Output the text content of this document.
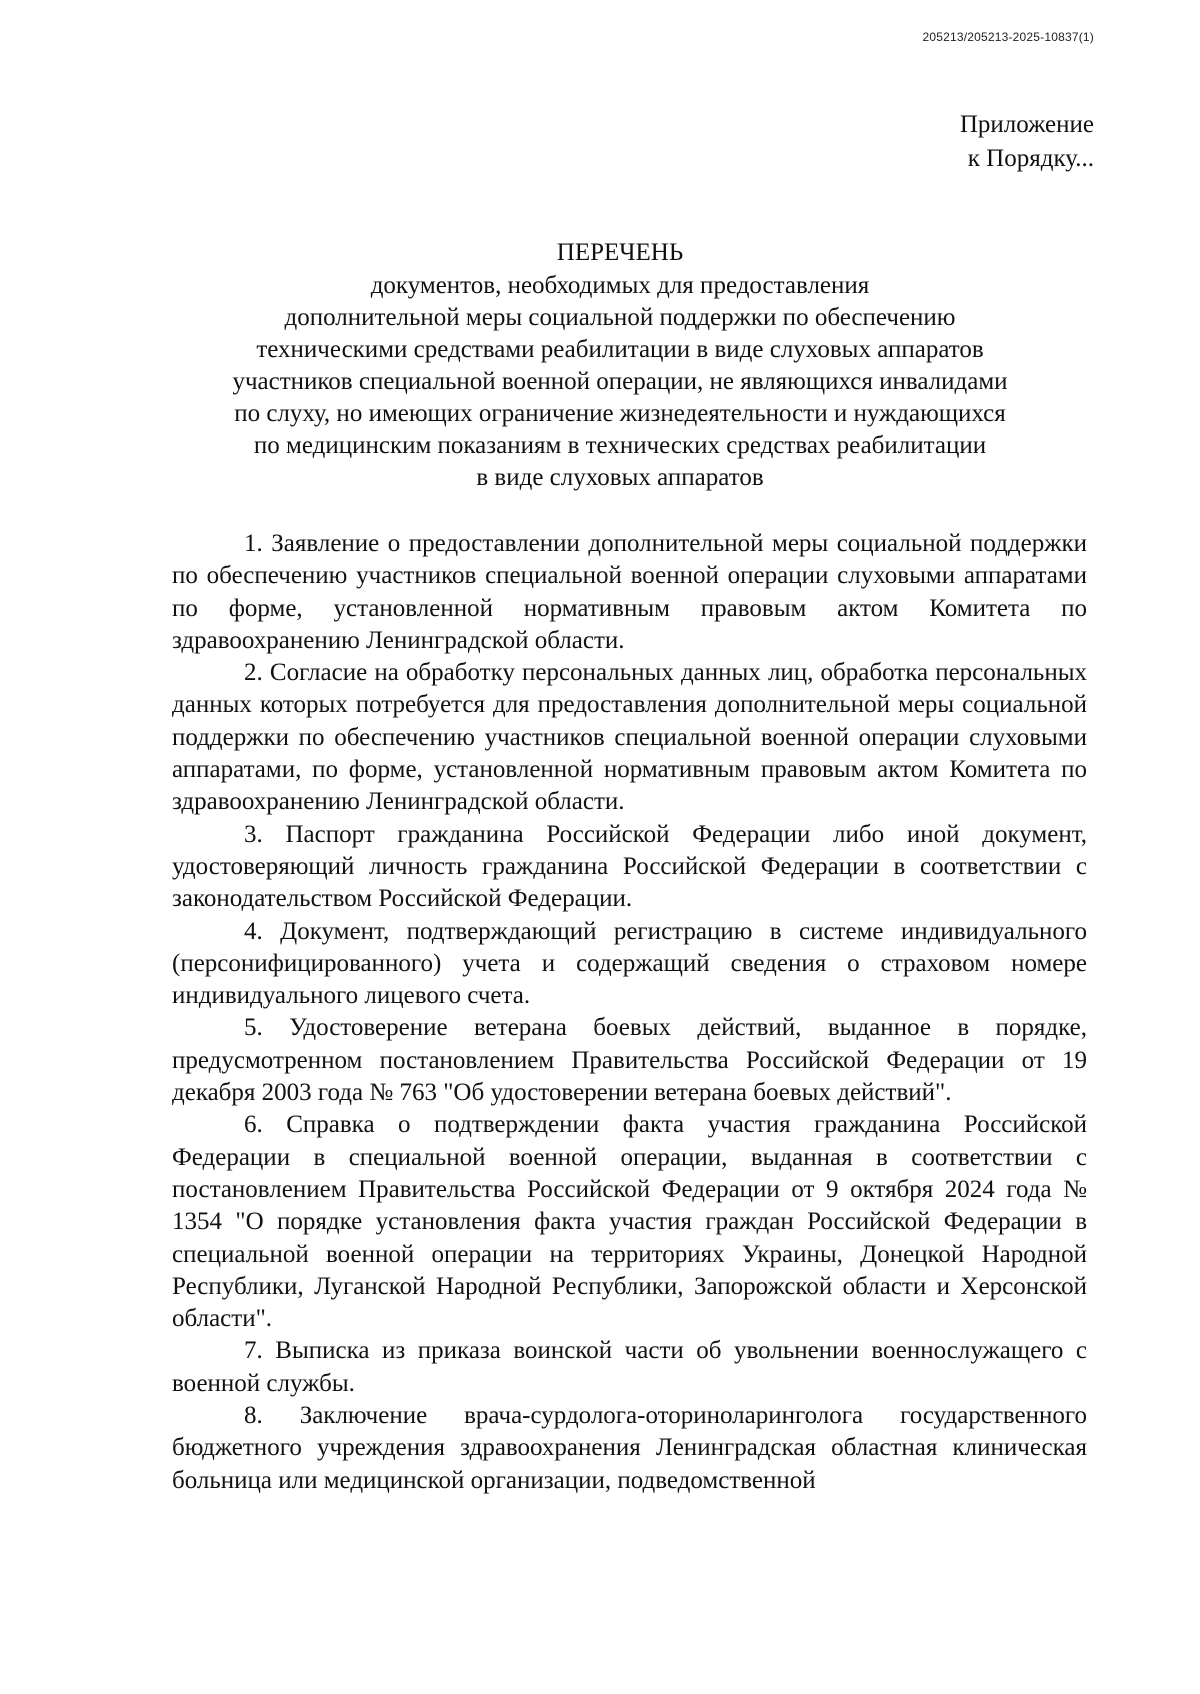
205213/205213-2025-10837(1)
Приложение
к Порядку...
ПЕРЕЧЕНЬ
документов, необходимых для предоставления
дополнительной меры социальной поддержки по обеспечению
техническими средствами реабилитации в виде слуховых аппаратов
участников специальной военной операции, не являющихся инвалидами
по слуху, но имеющих ограничение жизнедеятельности и нуждающихся
по медицинским показаниям в технических средствах реабилитации
в виде слуховых аппаратов

1. Заявление о предоставлении дополнительной меры социальной поддержки по обеспечению участников специальной военной операции слуховыми аппаратами по форме, установленной нормативным правовым актом Комитета по здравоохранению Ленинградской области.

2. Согласие на обработку персональных данных лиц, обработка персональных данных которых потребуется для предоставления дополнительной меры социальной поддержки по обеспечению участников специальной военной операции слуховыми аппаратами, по форме, установленной нормативным правовым актом Комитета по здравоохранению Ленинградской области.

3. Паспорт гражданина Российской Федерации либо иной документ, удостоверяющий личность гражданина Российской Федерации в соответствии с законодательством Российской Федерации.

4. Документ, подтверждающий регистрацию в системе индивидуального (персонифицированного) учета и содержащий сведения о страховом номере индивидуального лицевого счета.

5. Удостоверение ветерана боевых действий, выданное в порядке, предусмотренном постановлением Правительства Российской Федерации от 19 декабря 2003 года № 763 "Об удостоверении ветерана боевых действий".

6. Справка о подтверждении факта участия гражданина Российской Федерации в специальной военной операции, выданная в соответствии с постановлением Правительства Российской Федерации от 9 октября 2024 года № 1354 "О порядке установления факта участия граждан Российской Федерации в специальной военной операции на территориях Украины, Донецкой Народной Республики, Луганской Народной Республики, Запорожской области и Херсонской области".

7. Выписка из приказа воинской части об увольнении военнослужащего с военной службы.

8. Заключение врача-сурдолога-оториноларинголога государственного бюджетного учреждения здравоохранения Ленинградская областная клиническая больница или медицинской организации, подведомственной
